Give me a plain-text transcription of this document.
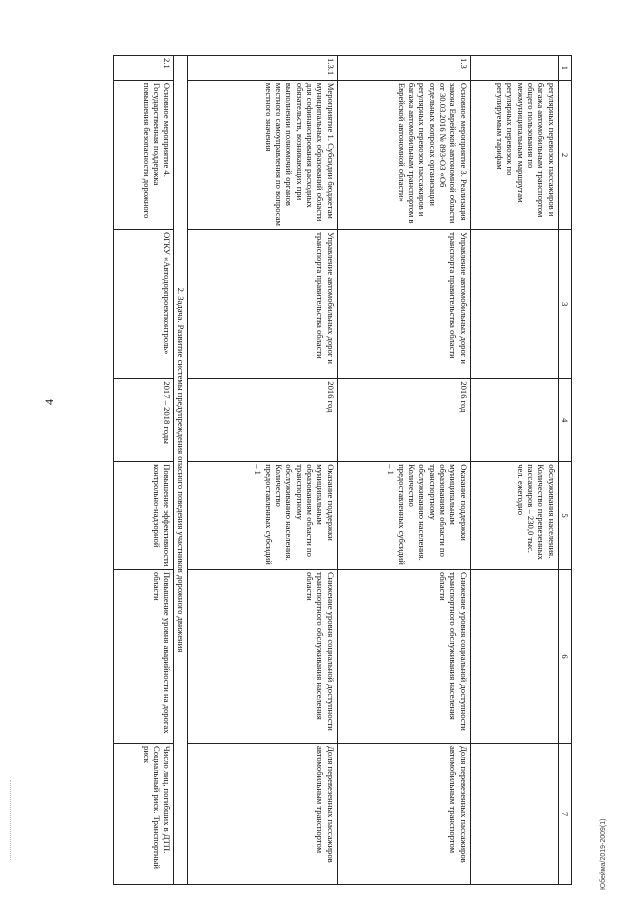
4
1	2	3	4	5	6	7
	регулярных перевозок пассажиров и багажа автомобильным транспортом общего пользования по межмуниципальным маршрутам регулярных перевозок по регулируемым тарифам			обслуживания населения. Количество перевезенных пассажиров – 230,0 тыс. чел. ежегодно		
1.3	Основное мероприятие 3. Реализация закона Еврейской автономной области от 30.03.2016 № 893-ОЗ «Об отдельных вопросах организации регулярных перевозок пассажиров и багажа автомобильным транспортом в Еврейской автономной области»	Управление автомобильных дорог и транспорта правительства области	2016 год	Оказание поддержки муниципальным образованиям области по транспортному обслуживанию населения. Количество предоставленных субсидий – 1	Снижение уровня социальной доступности транспортного обслуживания населения области	Доля перевезенных пассажиров автомобильным транспортом
1.3.1	Мероприятие 1. Субсидии бюджетам муниципальных образований области для софинансирования расходных обязательств, возникающих при выполнении полномочий органов местного самоуправления по вопросам местного значения	Управление автомобильных дорог и транспорта правительства области	2016 год	Оказание поддержки муниципальным образованиям области по транспортному обслуживанию населения. Количество предоставленных субсидий – 1	Снижение уровня социальной доступности транспортного обслуживания населения области	Доля перевезенных пассажиров автомобильным транспортом
2. Задача. Развитие системы предупреждения опасного поведения участников дорожного движения						
2.1	Основное мероприятие 4. Государственная поддержка повышения безопасности дорожного	ОГКУ «Автодорпроектконтроль»	2017 – 2018 годы	Повышение эффективности контрольно-надзорной	Повышение уровня аварийности на дорогах области	Число лиц, погибших в ДТП. Социальный риск. Транспортный риск
Юбейма/2019-2009(1)
